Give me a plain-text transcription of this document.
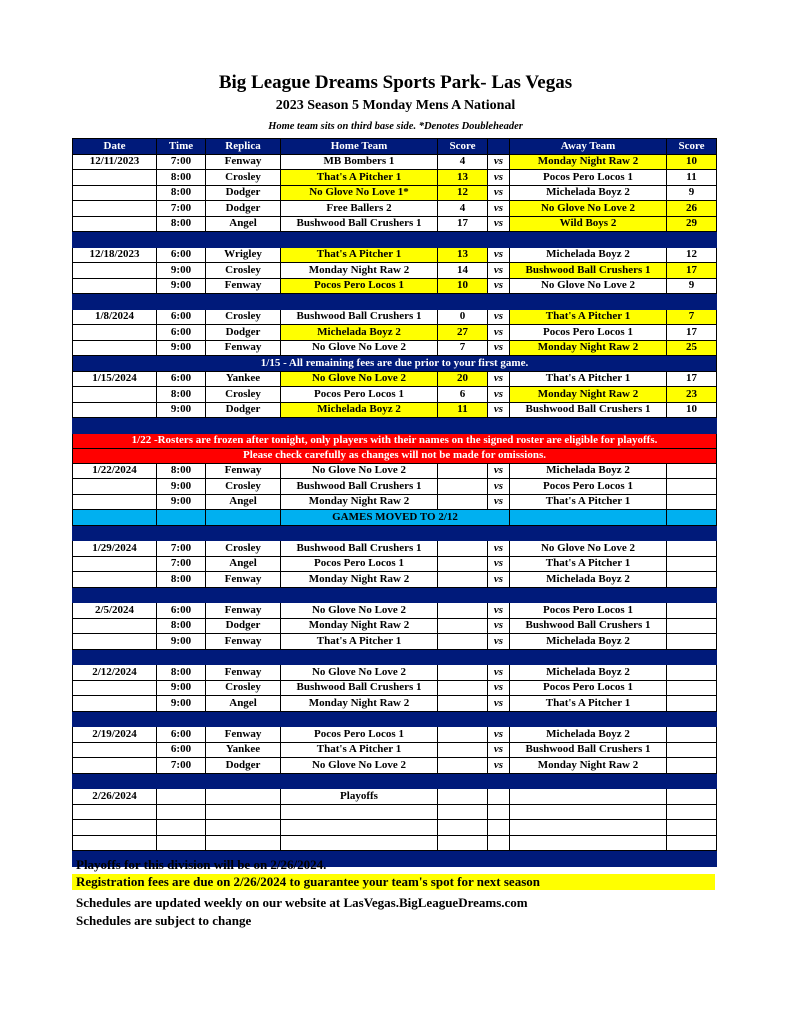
Big League Dreams Sports Park- Las Vegas
2023 Season 5 Monday Mens A National
Home team sits on third base side. *Denotes Doubleheader
Date	Time	Replica	Home Team	Score		Away Team	Score
12/11/2023	7:00	Fenway	MB Bombers 1	4	vs	Monday Night Raw 2	10
	8:00	Crosley	That's A Pitcher 1	13	vs	Pocos Pero Locos 1	11
	8:00	Dodger	No Glove No Love 1*	12	vs	Michelada Boyz 2	9
	7:00	Dodger	Free Ballers 2	4	vs	No Glove No Love 2	26
	8:00	Angel	Bushwood Ball Crushers 1	17	vs	Wild Boys 2	29

12/18/2023	6:00	Wrigley	That's A Pitcher 1	13	vs	Michelada Boyz 2	12
	9:00	Crosley	Monday Night Raw 2	14	vs	Bushwood Ball Crushers 1	17
	9:00	Fenway	Pocos Pero Locos 1	10	vs	No Glove No Love 2	9

1/8/2024	6:00	Crosley	Bushwood Ball Crushers 1	0	vs	That's A Pitcher 1	7
	6:00	Dodger	Michelada Boyz 2	27	vs	Pocos Pero Locos 1	17
	9:00	Fenway	No Glove No Love 2	7	vs	Monday Night Raw 2	25
1/15 - All remaining fees are due prior to your first game.							
1/15/2024	6:00	Yankee	No Glove No Love 2	20	vs	That's A Pitcher 1	17
	8:00	Crosley	Pocos Pero Locos 1	6	vs	Monday Night Raw 2	23
	9:00	Dodger	Michelada Boyz 2	11	vs	Bushwood Ball Crushers 1	10

1/22 -Rosters are frozen after tonight, only players with their names on the signed roster are eligible for playoffs.							
Please check carefully as changes will not be made for omissions.							
1/22/2024	8:00	Fenway	No Glove No Love 2		vs	Michelada Boyz 2	
	9:00	Crosley	Bushwood Ball Crushers 1		vs	Pocos Pero Locos 1	
	9:00	Angel	Monday Night Raw 2		vs	That's A Pitcher 1	
			GAMES MOVED TO 2/12				

1/29/2024	7:00	Crosley	Bushwood Ball Crushers 1		vs	No Glove No Love 2	
	7:00	Angel	Pocos Pero Locos 1		vs	That's A Pitcher 1	
	8:00	Fenway	Monday Night Raw 2		vs	Michelada Boyz 2	

2/5/2024	6:00	Fenway	No Glove No Love 2		vs	Pocos Pero Locos 1	
	8:00	Dodger	Monday Night Raw 2		vs	Bushwood Ball Crushers 1	
	9:00	Fenway	That's A Pitcher 1		vs	Michelada Boyz 2	

2/12/2024	8:00	Fenway	No Glove No Love 2		vs	Michelada Boyz 2	
	9:00	Crosley	Bushwood Ball Crushers 1		vs	Pocos Pero Locos 1	
	9:00	Angel	Monday Night Raw 2		vs	That's A Pitcher 1	

2/19/2024	6:00	Fenway	Pocos Pero Locos 1		vs	Michelada Boyz 2	
	6:00	Yankee	That's A Pitcher 1		vs	Bushwood Ball Crushers 1	
	7:00	Dodger	No Glove No Love 2		vs	Monday Night Raw 2	

2/26/2024			Playoffs				

Playoffs for this division will be on 2/26/2024.
Registration fees are due on 2/26/2024 to guarantee your team's spot for next season
Schedules are updated weekly on our website at LasVegas.BigLeagueDreams.com
Schedules are subject to change
